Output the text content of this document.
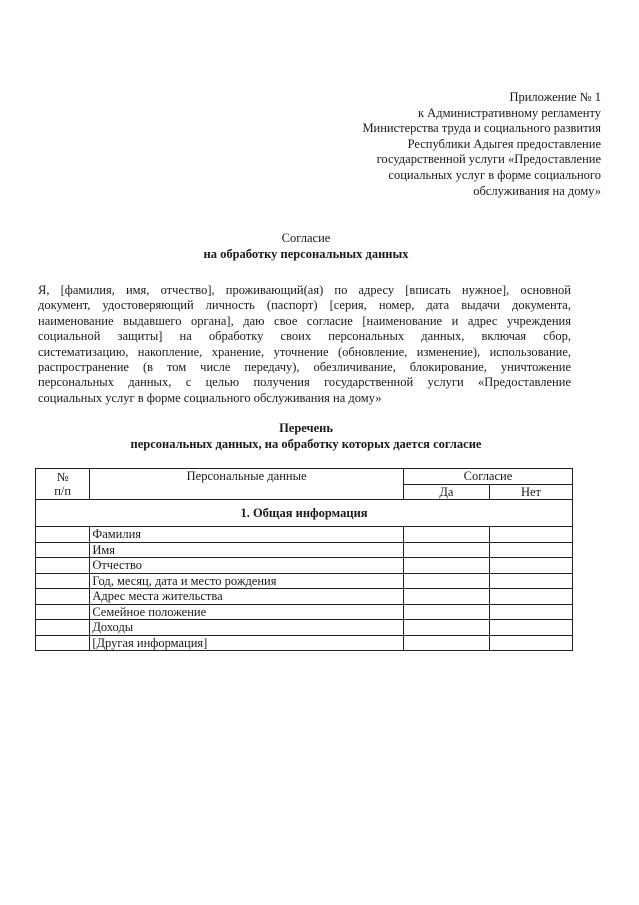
Приложение № 1
к Административному регламенту
Министерства труда и социального развития
Республики Адыгея предоставление
государственной услуги «Предоставление
социальных услуг в форме социального
обслуживания на дому»
Согласие
на обработку персональных данных
Я, [фамилия, имя, отчество], проживающий(ая) по адресу [вписать нужное], основной
документ, удостоверяющий личность (паспорт) [серия, номер, дата выдачи документа,
наименование выдавшего органа], даю свое согласие [наименование и адрес учреждения
социальной защиты] на обработку своих персональных данных, включая сбор,
систематизацию, накопление, хранение, уточнение (обновление, изменение), использование,
распространение (в том числе передачу), обезличивание, блокирование, уничтожение
персональных данных, с целью получения государственной услуги «Предоставление
социальных услуг в форме социального обслуживания на дому»
Перечень
персональных данных, на обработку которых дается согласие
№
п/п	Персональные данные	Согласие	
		Да	Нет
1. Общая информация			
	Фамилия		
	Имя		
	Отчество		
	Год, месяц, дата и место рождения		
	Адрес места жительства		
	Семейное положение		
	Доходы		
	[Другая информация]		
